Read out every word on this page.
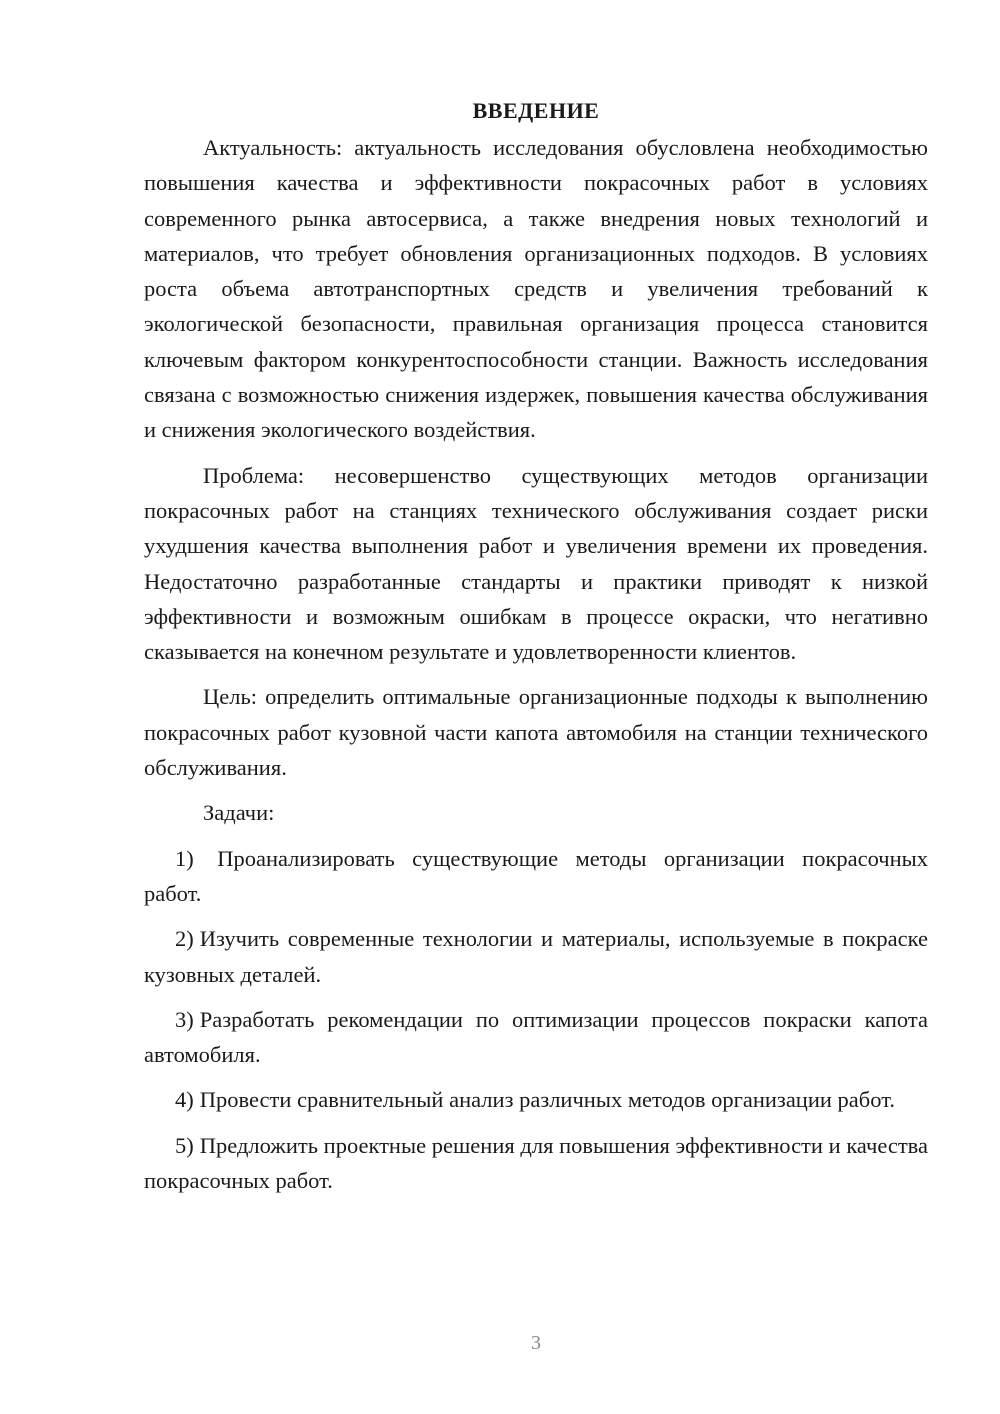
ВВЕДЕНИЕ

Актуальность: актуальность исследования обусловлена необходимостью повышения качества и эффективности покрасочных работ в условиях современного рынка автосервиса, а также внедрения новых технологий и материалов, что требует обновления организационных подходов. В условиях роста объема автотранспортных средств и увеличения требований к экологической безопасности, правильная организация процесса становится ключевым фактором конкурентоспособности станции. Важность исследования связана с возможностью снижения издержек, повышения качества обслуживания и снижения экологического воздействия.

Проблема: несовершенство существующих методов организации покрасочных работ на станциях технического обслуживания создает риски ухудшения качества выполнения работ и увеличения времени их проведения. Недостаточно разработанные стандарты и практики приводят к низкой эффективности и возможным ошибкам в процессе окраски, что негативно сказывается на конечном результате и удовлетворенности клиентов.

Цель: определить оптимальные организационные подходы к выполнению покрасочных работ кузовной части капота автомобиля на станции технического обслуживания.

Задачи:

1) Проанализировать существующие методы организации покрасочных работ.

2) Изучить современные технологии и материалы, используемые в покраске кузовных деталей.

3) Разработать рекомендации по оптимизации процессов покраски капота автомобиля.

4) Провести сравнительный анализ различных методов организации работ.

5) Предложить проектные решения для повышения эффективности и качества покрасочных работ.

3
